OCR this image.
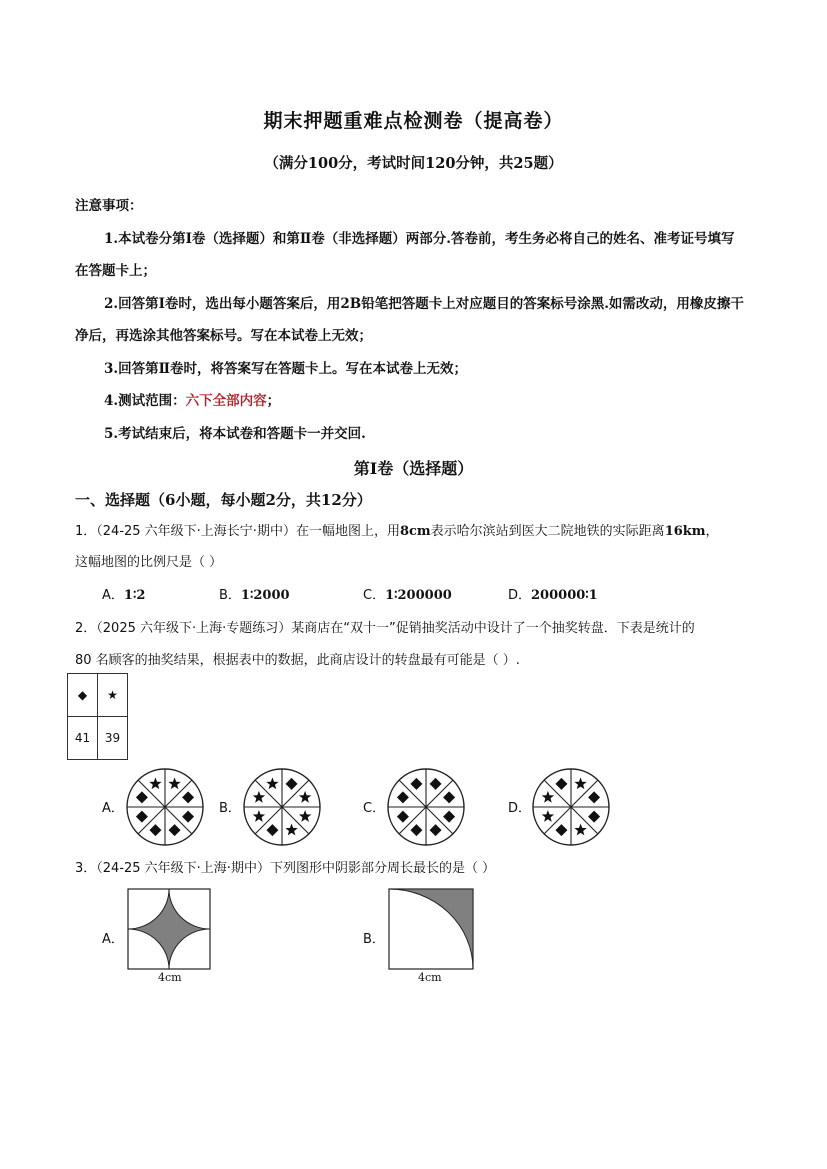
期末押题重难点检测卷（提高卷）
（满分100分，考试时间120分钟，共25题）
注意事项：
1.本试卷分第Ⅰ卷（选择题）和第Ⅱ卷（非选择题）两部分.答卷前，考生务必将自己的姓名、准考证号填写
在答题卡上；
2.回答第Ⅰ卷时，选出每小题答案后，用2B铅笔把答题卡上对应题目的答案标号涂黑.如需改动，用橡皮擦干
净后，再选涂其他答案标号。写在本试卷上无效；
3.回答第Ⅱ卷时，将答案写在答题卡上。写在本试卷上无效；
4.测试范围：六下全部内容；
5.考试结束后，将本试卷和答题卡一并交回.
第Ⅰ卷（选择题）
一、选择题（6小题，每小题2分，共12分）
1．（24-25 六年级下·上海长宁·期中）在一幅地图上，用8cm表示哈尔滨站到医大二院地铁的实际距离16km，
这幅地图的比例尺是（ ）
A．1∶2	B．1∶2000	C．1∶200000	D．200000∶1
2．（2025 六年级下·上海·专题练习）某商店在“双十一”促销抽奖活动中设计了一个抽奖转盘．下表是统计的
80 名顾客的抽奖结果，根据表中的数据，此商店设计的转盘最有可能是（ ）.
◆	★
41	39
A．	B．	C．	D．
3．（24-25 六年级下·上海·期中）下列图形中阴影部分周长最长的是（ ）
A．
4cm
B．
4cm
